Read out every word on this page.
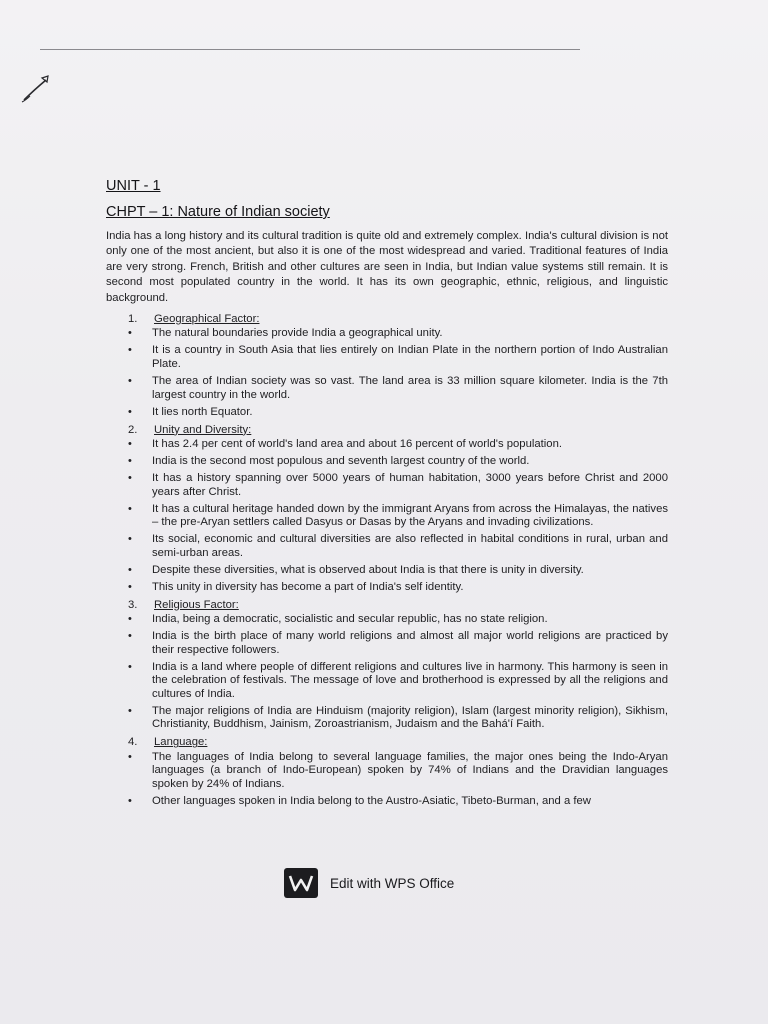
UNIT - 1
CHPT – 1: Nature of Indian society

India has a long history and its cultural tradition is quite old and extremely complex. India's cultural division is not only one of the most ancient, but also it is one of the most widespread and varied. Traditional features of India are very strong. French, British and other cultures are seen in India, but Indian value systems still remain. It is second most populated country in the world. It has its own geographic, ethnic, religious, and linguistic background.

1.	Geographical Factor:
• The natural boundaries provide India a geographical unity.
• It is a country in South Asia that lies entirely on Indian Plate in the northern portion of Indo Australian Plate.
• The area of Indian society was so vast. The land area is 33 million square kilometer. India is the 7th largest country in the world.
• It lies north Equator.
2.	Unity and Diversity:
• It has 2.4 per cent of world's land area and about 16 percent of world's population.
• India is the second most populous and seventh largest country of the world.
• It has a history spanning over 5000 years of human habitation, 3000 years before Christ and 2000 years after Christ.
• It has a cultural heritage handed down by the immigrant Aryans from across the Himalayas, the natives – the pre-Aryan settlers called Dasyus or Dasas by the Aryans and invading civilizations.
• Its social, economic and cultural diversities are also reflected in habital conditions in rural, urban and semi-urban areas.
• Despite these diversities, what is observed about India is that there is unity in diversity.
• This unity in diversity has become a part of India's self identity.
3.	Religious Factor:
• India, being a democratic, socialistic and secular republic, has no state religion.
• India is the birth place of many world religions and almost all major world religions are practiced by their respective followers.
• India is a land where people of different religions and cultures live in harmony. This harmony is seen in the celebration of festivals. The message of love and brotherhood is expressed by all the religions and cultures of India.
• The major religions of India are Hinduism (majority religion), Islam (largest minority religion), Sikhism, Christianity, Buddhism, Jainism, Zoroastrianism, Judaism and the Bahá'í Faith.
4.	Language:
• The languages of India belong to several language families, the major ones being the Indo-Aryan languages (a branch of Indo-European) spoken by 74% of Indians and the Dravidian languages spoken by 24% of Indians.
• Other languages spoken in India belong to the Austro-Asiatic, Tibeto-Burman, and a few
Edit with WPS Office
